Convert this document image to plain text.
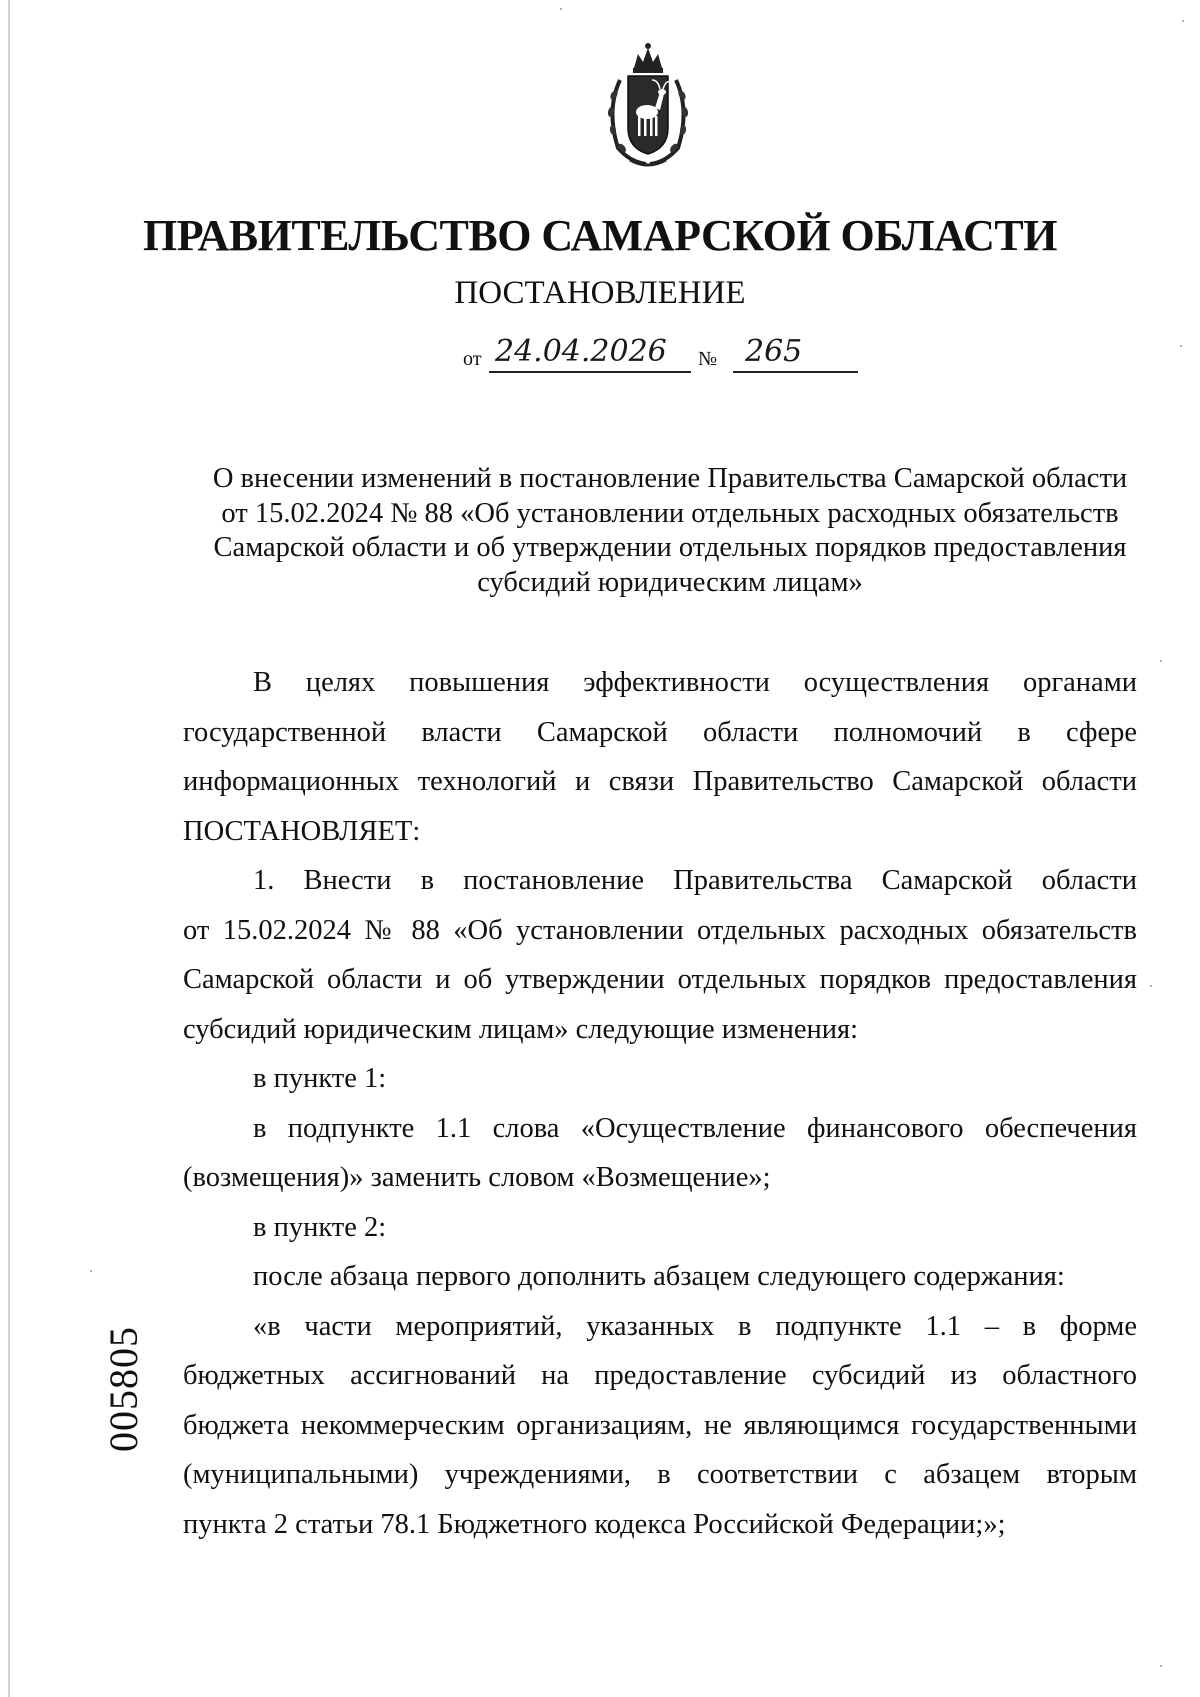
ПРАВИТЕЛЬСТВО САМАРСКОЙ ОБЛАСТИ
ПОСТАНОВЛЕНИЕ
от 24.04.2026 № 265
О внесении изменений в постановление Правительства Самарской области
от 15.02.2024 № 88 «Об установлении отдельных расходных обязательств
Самарской области и об утверждении отдельных порядков предоставления
субсидий юридическим лицам»
В целях повышения эффективности осуществления органами
государственной власти Самарской области полномочий в сфере
информационных технологий и связи Правительство Самарской области
ПОСТАНОВЛЯЕТ:
1. Внести в постановление Правительства Самарской области
от 15.02.2024 № 88 «Об установлении отдельных расходных обязательств
Самарской области и об утверждении отдельных порядков предоставления
субсидий юридическим лицам» следующие изменения:
в пункте 1:
в подпункте 1.1 слова «Осуществление финансового обеспечения
(возмещения)» заменить словом «Возмещение»;
в пункте 2:
после абзаца первого дополнить абзацем следующего содержания:
«в части мероприятий, указанных в подпункте 1.1 – в форме
бюджетных ассигнований на предоставление субсидий из областного
бюджета некоммерческим организациям, не являющимся государственными
(муниципальными) учреждениями, в соответствии с абзацем вторым
пункта 2 статьи 78.1 Бюджетного кодекса Российской Федерации;»;
005805
